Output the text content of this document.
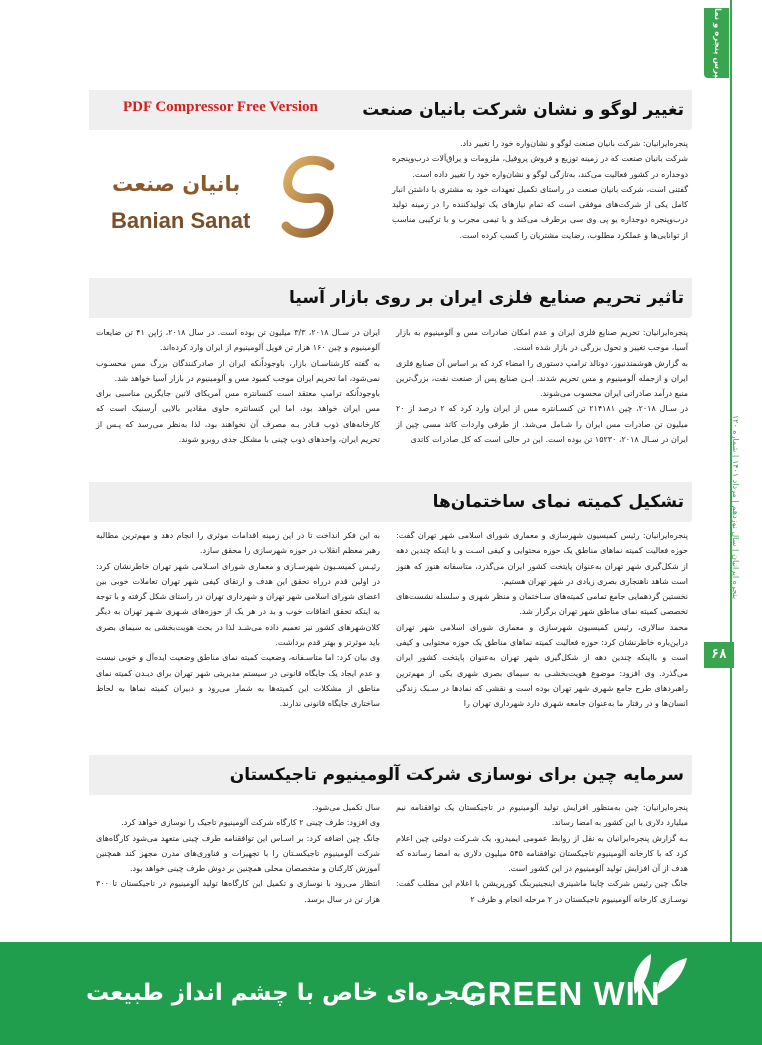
اکسپرس پنجره و نما
پنجره ایرانیان | سال نوزدهم | مرداد ۱۴۰۱ | شماره ۱۲۰
۶۸
PDF Compressor Free Version	تغییر لوگو و نشان شرکت بانیان صنعت

پنجره‌ایرانیان: شرکت بانیان صنعت لوگو و نشان‌واره خود را تغییر داد.

شرکت بانیان صنعت که در زمینه توزیع و فروش پروفیل، ملزومات و یراق‌آلات درب‌وپنجره دوجداره در کشور فعالیت می‌کند، به‌تازگی لوگو و نشان‌واره خود را تغییر داده است.

گفتنی است، شرکت بانیان صنعت در راستای تکمیل تعهدات خود به مشتری با داشتن انبار کامل یکی از شرکت‌های موفقی است که تمام نیازهای یک تولیدکننده را در زمینه تولید درب‌وپنجره دوجداره یو پی وی سی برطرف می‌کند و با تیمی مجرب و با ترکیبی مناسب از توانایی‌ها و عملکرد مطلوب، رضایت مشتریان را کسب کرده است.

بانیان صنعت
Banian Sanat
تاثیر تحریم صنایع فلزی ایران بر روی بازار آسیا

پنجره‌ایرانیان: تحریم صنایع فلزی ایران و عدم امکان صادرات مس و آلومینیوم به بازار آسیا، موجب تغییر و تحول بزرگی در بازار شده است.

به گزارش هوشمندنیوز، دونالد ترامپ دستوری را امضاء کرد که بر اساس آن صنایع فلزی ایران و ازجمله آلومینیوم و مس تحریم شدند. ایـن صنایع پس از صنعت نفت، بزرگ‌ترین منبع درآمد صادراتی ایران محسوب می‌شوند.

در سـال ۲۰۱۸، چین ۲۱۴۱۸۱ تن کنسـانتره مس از ایران وارد کرد که ۲ درصد از ۲۰ میلیون تن صادرات مس ایران را شـامل می‌شد. از طرفی واردات کاتد مسی چین از ایران در سـال ۲۰۱۸، ۱۵۲۳۰ تن بوده است. این در حالی است که کل صادرات کاتدی

ایران در سـال ۲۰۱۸، ۳/۳ میلیون تن بوده است. در سال ۲۰۱۸، ژاپن ۴۱ تن ضایعات آلومینیوم و چین ۱۶۰ هزار تن فویل آلومینیوم از ایران وارد کرده‌اند.

به گفته کارشناسـان بازار، باوجوداًنکه ایران از صادرکنندگان بزرگ مس محسـوب نمی‌شود، اما تحریم ایران موجب کمبود مس و آلومینیوم در بازار آسیا خواهد شد.

باوجوداًنکه ترامپ معتقد است کنسانتره مس آمریکای لاتین جایگزین مناسبی برای مس ایران خواهد بود، اما این کنسانتره حاوی مقادیر بالایی آرسنیک است که کارخانه‌های ذوب قـادر بـه مصرف آن نخواهند بود، لذا به‌نظر می‌رسد که پـس از تحریم ایران، واحدهای ذوب چینی با مشکل جدی روبرو شوند.

تشکیل کمیته نمای ساختمان‌ها

پنجره‌ایرانیان: رئیس کمیسیون شهرسازی و معماری شورای اسلامی شهر تهران گفت: حوزه فعالیت کمیته نماهای مناطق یک حوزه محتوایی و کیفی اسـت و با اینکه چندین دهه از شکل‌گیری شهر تهران به‌عنوان پایتخت کشور ایران می‌گذرد، متاسفانه هنوز که هنوز است شاهد ناهنجاری بصری زیادی در شهر تهران هستیم.

نخستین گردهمایی جامع تمامی کمیته‌های سـاختمان و منظر شهری و سلسله نشست‌های تخصصی کمیته نمای مناطق شهر تهران برگزار شد.

محمد سالاری، رئیس کمیسیون شهرسازی و معماری شورای اسلامی شهر تهران دراین‌باره خاطرنشان کرد: حوزه فعالیت کمیته نماهای مناطق یک حوزه محتوایی و کیفی است و با‌اینکه چندین دهه از شکل‌گیری شهر تهران به‌عنوان پایتخت کشور ایران می‌گذرد. وی افزود: موضوع هویت‌بخشـی به سیمای بصری شهری یکی از مهم‌ترین راهبردهای طرح جامع شهری شهر تهران بوده است و نقشی که نمادها در سـبک زندگی انسان‌ها و در رفتار ما به‌عنوان جامعه شهری دارد شهرداری تهران را

به این فکر انداخت تا در این زمینه اقدامات موثری را انجام دهد و مهم‌ترین مطالبه رهبر معظم انقلاب در حوزه شهرسازی را محقق سازد.

رئیـس کمیسـیون شهرسـازی و معماری شورای اسـلامی شهر تهران خاطرنشان کرد: در اولین قدم درراه تحقق این هدف و ارتقای کیفی شهر تهران تعاملات خوبی بین اعضای شورای اسلامی شهر تهران و شهرداری تهران در راستای شکل گرفته و با توجه به اینکه تحقق اتفاقات خوب و بد در هر یک از حوزه‌های شـهری شـهر تهران به دیگر کلان‌شهرهای کشور نیز تعمیم داده می‌شـد لذا در بحث هویت‌بخشی به سیمای بصری باید موثرتر و بهتر قدم برداشت.

وی بیان کرد: اما متاسـفانه، وضعیت کمیته نمای مناطق وضعیت ایده‌آل و خوبی نیست و عدم ایجاد یک جایگاه قانونی در سیستم مدیریتی شهر تهران برای دیـدن کمیته نمای مناطق از مشکلات این کمیته‌ها به شمار می‌رود و دبیران کمیته نماها به لحاظ ساختاری جایگاه قانونی ندارند.

سرمایه چین برای نوسازی شرکت آلومینیوم تاجیکستان

پنجره‌ایرانیان: چین به‌منظور افزایش تولید آلومینیوم در تاجیکستان یک توافقنامه نیم میلیارد دلاری با این کشور به امضا رساند.

بـه گزارش پنجره‌ایرانیان به نقل از روابط عمومی ایمیدرو، یک شـرکت دولتی چین اعلام کرد که با کارخانه آلومینیوم تاجیکستان توافقنامه ۵۴۵ میلیون دلاری به امضا رسانده که هدف از آن افزایش تولید آلومینیوم در این کشور است.

جانگ چین رئیس شرکت چاینا ماشینری اینجینیرینگ کورپریشن با اعلام این مطلب گفت: نوسـازی کارخانه آلومینیوم تاجیکستان در ۲ مرحله انجام و ظرف ۲

سال تکمیل می‌شود.

وی افزود: طرف چینی ۲ کارگاه شرکت آلومینیوم تاجیک را نوسازی خواهد کرد.

جانگ چین اضافه کرد: بر اسـاس این توافقنامه طرف چینی متعهد می‌شود کارگاه‌های شرکت آلومینیوم تاجیکسـتان را با تجهیزات و فناوری‌های مدرن مجهز کند همچنین آموزش کارکنان و متخصصان محلی همچنین بر دوش طرف چینی خواهد بود.

انتظار می‌رود با نوسازی و تکمیل این کارگاه‌ها تولید آلومینیوم در تاجیکستان تا ۳۰۰ هزار تن در سال برسد.

GREEN WIN
پنجره‌ای خاص با چشم انداز طبیعت
